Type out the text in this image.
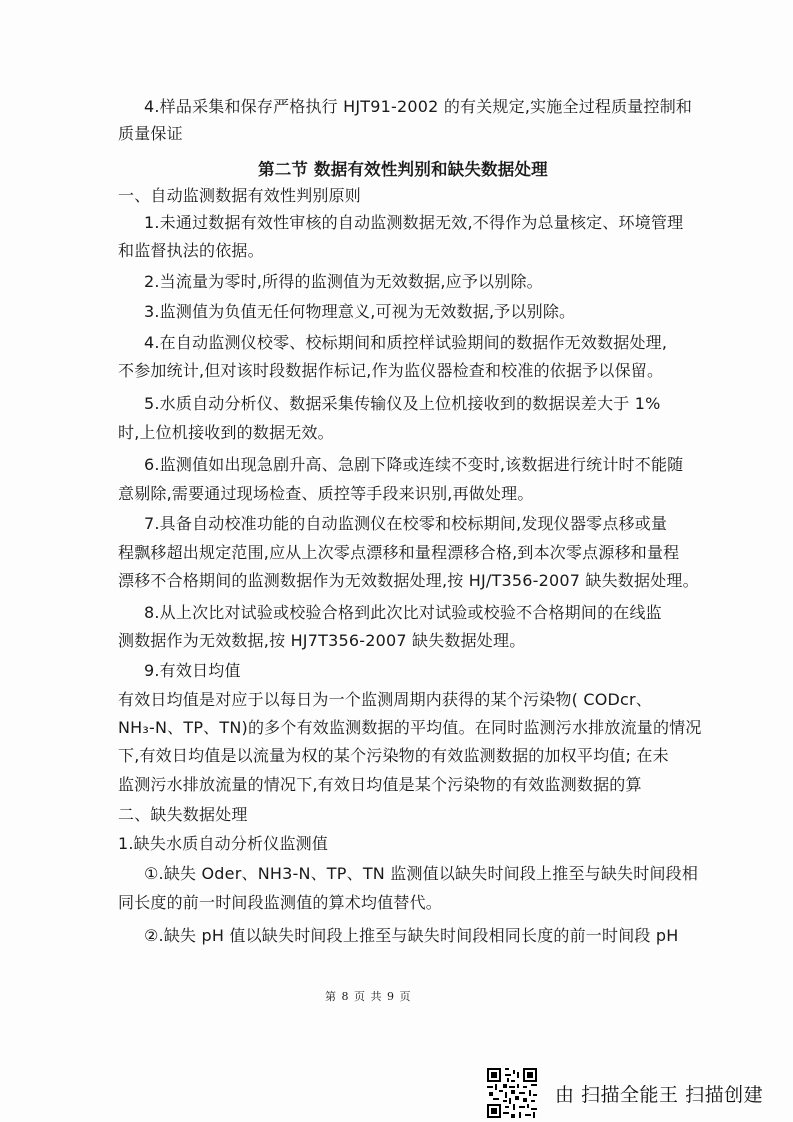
4.样品采集和保存严格执行 HJT91-2002 的有关规定,实施全过程质量控制和
质量保证
第二节 数据有效性判别和缺失数据处理
一、自动监测数据有效性判别原则
1.未通过数据有效性审核的自动监测数据无效,不得作为总量核定、环境管理
和监督执法的依据。
2.当流量为零时,所得的监测值为无效数据,应予以别除。
3.监测值为负值无任何物理意义,可视为无效数据,予以别除。
4.在自动监测仪校零、校标期间和质控样试验期间的数据作无效数据处理,
不参加统计,但对该时段数据作标记,作为监仪器检查和校准的依据予以保留。
5.水质自动分析仪、数据采集传输仪及上位机接收到的数据误差大于 1%
时,上位机接收到的数据无效。
6.监测值如出现急剧升高、急剧下降或连续不变时,该数据进行统计时不能随
意剔除,需要通过现场检查、质控等手段来识别,再做处理。
7.具备自动校准功能的自动监测仪在校零和校标期间,发现仪器零点移或量
程飘移超出规定范围,应从上次零点漂移和量程漂移合格,到本次零点源移和量程
漂移不合格期间的监测数据作为无效数据处理,按 HJ/T356-2007 缺失数据处理。
8.从上次比对试验或校验合格到此次比对试验或校验不合格期间的在线监
测数据作为无效数据,按 HJ7T356-2007 缺失数据处理。
9.有效日均值
有效日均值是对应于以每日为一个监测周期内获得的某个污染物( CODcr、
NH₃-N、TP、TN)的多个有效监测数据的平均值。在同时监测污水排放流量的情况
下,有效日均值是以流量为权的某个污染物的有效监测数据的加权平均值; 在未
监测污水排放流量的情况下,有效日均值是某个污染物的有效监测数据的算
二、缺失数据处理
1.缺失水质自动分析仪监测值
①.缺失 Oder、NH3-N、TP、TN 监测值以缺失时间段上推至与缺失时间段相
同长度的前一时间段监测值的算术均值替代。
②.缺失 pH 值以缺失时间段上推至与缺失时间段相同长度的前一时间段 pH
第 8 页 共 9 页
由 扫描全能王 扫描创建
